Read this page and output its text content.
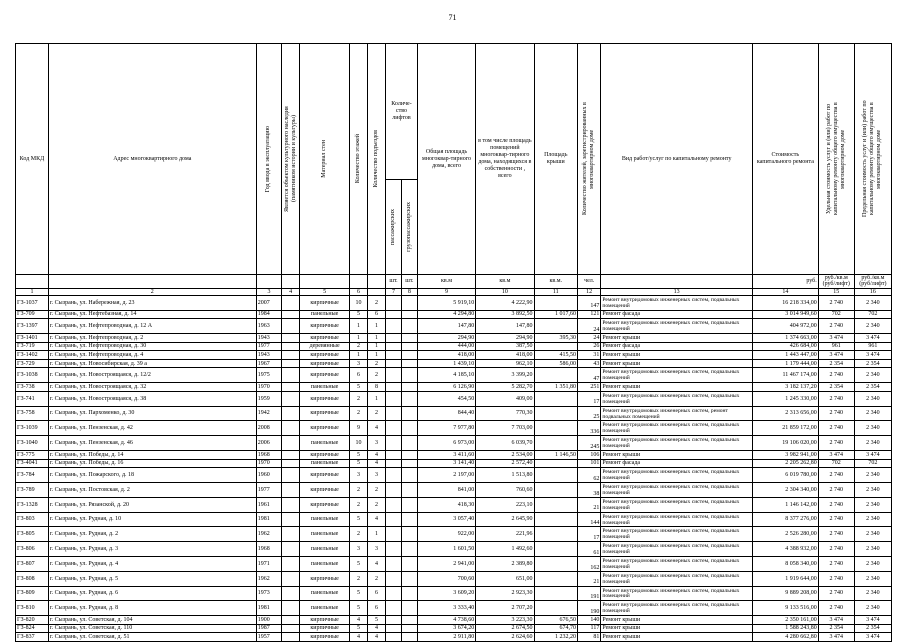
71
Код МКД	Адрес многоквартирного дома	Год ввода в эксплуатацию	Является объектом культурного наследия (памятником истории и культуры)	Материал стен	Количество этажей	Количество подъездов	Количе-ство лифтов		Общая площадь многоквар-тирного дома, всего	в том числе площадь помещений многоквар-тирного дома, находящихся в собственности , всего	Площадь крыши	Количество жителей, зарегистрированных в многоквартирном доме	Вид работ/услуг по капитальному ремонту	Стоимость капитального ремонта	Удельная стоимость услуг и (или) работ по капитальному ремонту общего имущества в многоквартирном доме	Предельная стоимость услуг и (или) работ по капитальному ремонту общего имущества в многоквартирном доме

							пассажирских	грузопассажирских								

							шт.	шт.	кв.м	кв.м	кв.м.	чел.		руб.	руб./кв.м (руб/лифт)	руб./кв.м (руб/лифт)
1	2	3	4	5	6		7	8	9	10	11	12	13	14	15	16
ГЗ-1037	г. Сызрань, ул. Набережная, д. 23	2007		кирпичные	10	2			5 919,10	4 222,90		147	Ремонт внутридомовых инженерных систем, подвальных помещений	16 218 334,00	2 740	2 340
ГЗ-709	г. Сызрань, ул. Нефтебазная, д. 14	1984		панельные	5	6			4 294,80	3 892,50	1 017,60	121	Ремонт фасада	3 014 949,60	702	702
ГЗ-1397	г. Сызрань, ул. Нефтепроводная, д. 12 А	1963		кирпичные	1	1			147,80	147,80		24	Ремонт внутридомовых инженерных систем, подвальных помещений	404 972,00	2 740	2 340
ГЗ-1401	г. Сызрань, ул. Нефтепроводная, д. 2	1943		кирпичные	1	1			294,90	294,90	395,30	24	Ремонт крыши	1 374 663,00	3 474	3 474
ГЗ-719	г. Сызрань, ул. Нефтепроводная, д. 30	1977		деревянные	2	1			444,00	387,50		26	Ремонт фасада	426 684,00	961	961
ГЗ-1402	г. Сызрань, ул. Нефтепроводная, д. 4	1943		кирпичные	1	1			418,00	418,00	415,50	31	Ремонт крыши	1 443 447,00	3 474	3 474
ГЗ-729	г. Сызрань, ул. Новосибирская, д. 39 а	1967		кирпичные	3	2			1 439,10	962,10	586,00	43	Ремонт крыши	1 179 444,00	2 354	2 354
ГЗ-1038	г. Сызрань, ул. Новостроящаяся, д. 12/2	1975		кирпичные	6	2			4 185,10	3 399,20		47	Ремонт внутридомовых инженерных систем, подвальных помещений	11 467 174,00	2 740	2 340
ГЗ-738	г. Сызрань, ул. Новостроящаяся, д. 32	1970		панельные	5	8			6 126,90	5 282,70	1 351,80	251	Ремонт крыши	3 182 137,20	2 354	2 354
ГЗ-741	г. Сызрань, ул. Новостроящаяся, д. 38	1959		кирпичные	2	1			454,50	409,00		17	Ремонт внутридомовых инженерных систем, подвальных помещений	1 245 330,00	2 740	2 340
ГЗ-758	г. Сызрань, ул. Пархоменко, д. 30	1942		кирпичные	2	2			844,40	770,30		25	Ремонт внутридомовых инженерных систем, ремонт подвальных помещений	2 313 656,00	2 740	2 340
ГЗ-1039	г. Сызрань, ул. Пензенская, д. 42	2008		кирпичные	9	4			7 977,80	7 703,00		336	Ремонт внутридомовых инженерных систем, подвальных помещений	21 859 172,00	2 740	2 340
ГЗ-1040	г. Сызрань, ул. Пензенская, д. 46	2006		панельные	10	3			6 973,00	6 039,70		245	Ремонт внутридомовых инженерных систем, подвальных помещений	19 106 020,00	2 740	2 340
ГЗ-775	г. Сызрань, ул. Победы, д. 14	1968		кирпичные	5	4			3 411,60	2 534,00	1 146,50	106	Ремонт крыши	3 982 941,00	3 474	3 474
ГЗ-4041	г. Сызрань, ул. Победы, д. 16	1970		панельные	5	4			3 141,40	2 572,40		101	Ремонт фасада	2 205 262,80	702	702
ГЗ-784	г. Сызрань, ул. Пожарского, д. 18	1960		кирпичные	3	3			2 197,00	1 513,80		62	Ремонт внутридомовых инженерных систем, подвальных помещений	6 019 780,00	2 740	2 340
ГЗ-789	г. Сызрань, ул. Постовская, д. 2	1977		кирпичные	2	2			841,00	760,60		38	Ремонт внутридомовых инженерных систем, подвальных помещений	2 304 340,00	2 740	2 340
ГЗ-1328	г. Сызрань, ул. Рязанской, д. 20	1961		кирпичные	2	2			418,30	223,10		21	Ремонт внутридомовых инженерных систем, подвальных помещений	1 146 142,00	2 740	2 340
ГЗ-803	г. Сызрань, ул. Рудная, д. 10	1981		панельные	5	4			3 057,40	2 645,90		144	Ремонт внутридомовых инженерных систем, подвальных помещений	8 377 276,00	2 740	2 340
ГЗ-805	г. Сызрань, ул. Рудная, д. 2	1962		панельные	2	1			922,00	221,96		17	Ремонт внутридомовых инженерных систем, подвальных помещений	2 526 280,00	2 740	2 340
ГЗ-806	г. Сызрань, ул. Рудная, д. 3	1968		панельные	3	3			1 601,50	1 492,60		61	Ремонт внутридомовых инженерных систем, подвальных помещений	4 388 932,00	2 740	2 340
ГЗ-807	г. Сызрань, ул. Рудная, д. 4	1971		панельные	5	4			2 941,00	2 389,80		162	Ремонт внутридомовых инженерных систем, подвальных помещений	8 058 340,00	2 740	2 340
ГЗ-808	г. Сызрань, ул. Рудная, д. 5	1962		кирпичные	2	2			700,60	651,00		21	Ремонт внутридомовых инженерных систем, подвальных помещений	1 919 644,00	2 740	2 340
ГЗ-809	г. Сызрань, ул. Рудная, д. 6	1973		панельные	5	6			3 609,20	2 923,30		191	Ремонт внутридомовых инженерных систем, подвальных помещений	9 889 208,00	2 740	2 340
ГЗ-810	г. Сызрань, ул. Рудная, д. 8	1981		панельные	5	6			3 333,40	2 707,20		190	Ремонт внутридомовых инженерных систем, подвальных помещений	9 133 516,00	2 740	2 340
ГЗ-820	г. Сызрань, ул. Советская, д. 104	1900		кирпичные	4	5			4 738,60	3 223,30	676,50	140	Ремонт крыши	2 350 161,00	3 474	3 474
ГЗ-824	г. Сызрань, ул. Советская, д. 110	1987		кирпичные	5	4			3 674,20	2 674,50	674,70	117	Ремонт крыши	1 588 243,80	2 354	2 354
ГЗ-837	г. Сызрань, ул. Советская, д. 51	1957		кирпичные	4	4			2 911,80	2 624,60	1 232,20	81	Ремонт крыши	4 280 662,80	3 474	3 474
